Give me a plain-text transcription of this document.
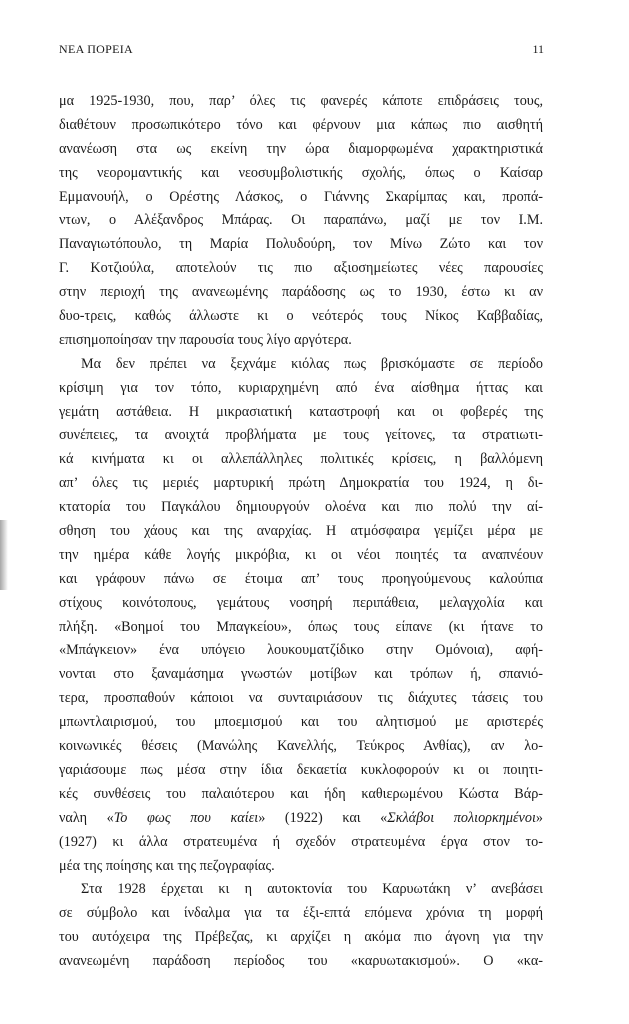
ΝΕΑ ΠΟΡΕΙΑ	11
μα 1925-1930, που, παρ’ όλες τις φανερές κάποτε επιδράσεις τους,
διαθέτουν προσωπικότερο τόνο και φέρνουν μια κάπως πιο αισθητή
ανανέωση στα ως εκείνη την ώρα διαμορφωμένα χαρακτηριστικά
της νεορομαντικής και νεοσυμβολιστικής σχολής, όπως ο Καίσαρ
Εμμανουήλ, ο Ορέστης Λάσκος, ο Γιάννης Σκαρίμπας και, προπά-
ντων, ο Αλέξανδρος Μπάρας. Οι παραπάνω, μαζί με τον Ι.Μ.
Παναγιωτόπουλο, τη Μαρία Πολυδούρη, τον Μίνω Ζώτο και τον
Γ. Κοτζιούλα, αποτελούν τις πιο αξιοσημείωτες νέες παρουσίες
στην περιοχή της ανανεωμένης παράδοσης ως το 1930, έστω κι αν
δυο-τρεις, καθώς άλλωστε κι ο νεότερός τους Νίκος Καββαδίας,
επισημοποίησαν την παρουσία τους λίγο αργότερα.
Μα δεν πρέπει να ξεχνάμε κιόλας πως βρισκόμαστε σε περίοδο
κρίσιμη για τον τόπο, κυριαρχημένη από ένα αίσθημα ήττας και
γεμάτη αστάθεια. Η μικρασιατική καταστροφή και οι φοβερές της
συνέπειες, τα ανοιχτά προβλήματα με τους γείτονες, τα στρατιωτι-
κά κινήματα κι οι αλλεπάλληλες πολιτικές κρίσεις, η βαλλόμενη
απ’ όλες τις μεριές μαρτυρική πρώτη Δημοκρατία του 1924, η δι-
κτατορία του Παγκάλου δημιουργούν ολοένα και πιο πολύ την αί-
σθηση του χάους και της αναρχίας. Η ατμόσφαιρα γεμίζει μέρα με
την ημέρα κάθε λογής μικρόβια, κι οι νέοι ποιητές τα αναπνέουν
και γράφουν πάνω σε έτοιμα απ’ τους προηγούμενους καλούπια
στίχους κοινότοπους, γεμάτους νοσηρή περιπάθεια, μελαγχολία και
πλήξη. «Βοημοί του Μπαγκείου», όπως τους είπανε (κι ήτανε το
«Μπάγκειον» ένα υπόγειο λουκουματζίδικο στην Ομόνοια), αφή-
νονται στο ξαναμάσημα γνωστών μοτίβων και τρόπων ή, σπανιό-
τερα, προσπαθούν κάποιοι να συνταιριάσουν τις διάχυτες τάσεις του
μπωντλαιρισμού, του μποεμισμού και του αλητισμού με αριστερές
κοινωνικές θέσεις (Μανώλης Κανελλής, Τεύκρος Ανθίας), αν λο-
γαριάσουμε πως μέσα στην ίδια δεκαετία κυκλοφορούν κι οι ποιητι-
κές συνθέσεις του παλαιότερου και ήδη καθιερωμένου Κώστα Βάρ-
ναλη «Το φως που καίει» (1922) και «Σκλάβοι πολιορκημένοι»
(1927) κι άλλα στρατευμένα ή σχεδόν στρατευμένα έργα στον το-
μέα της ποίησης και της πεζογραφίας.
Στα 1928 έρχεται κι η αυτοκτονία του Καρυωτάκη ν’ ανεβάσει
σε σύμβολο και ίνδαλμα για τα έξι-επτά επόμενα χρόνια τη μορφή
του αυτόχειρα της Πρέβεζας, κι αρχίζει η ακόμα πιο άγονη για την
ανανεωμένη παράδοση περίοδος του «καρυωτακισμού». Ο «κα-
